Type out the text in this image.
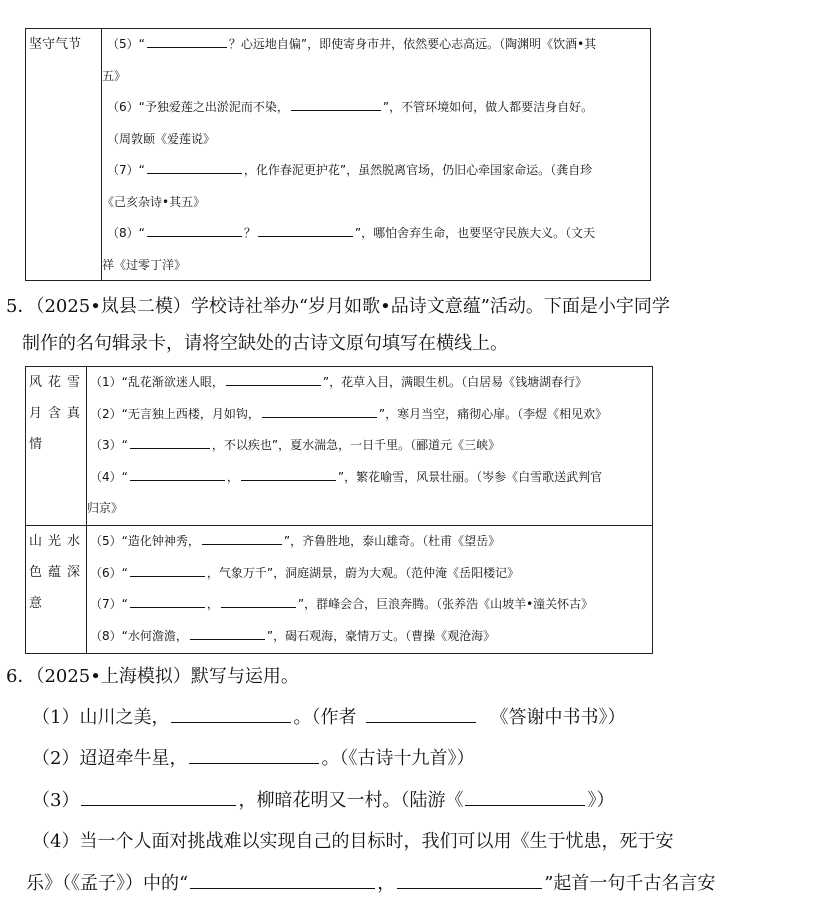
坚守气节	（5）“	？心远地自偏”，即使寄身市井，依然要心志高远。（陶渊明《饮酒•其
五》
（6）“予独爱莲之出淤泥而不染，	”，不管环境如何，做人都要洁身自好。
（周敦颐《爱莲说》
（7）“	，化作春泥更护花”，虽然脱离官场，仍旧心牵国家命运。（龚自珍
《己亥杂诗•其五》
（8）“	？	”，哪怕舍弃生命，也要坚守民族大义。（文天
祥《过零丁洋》
5．（2025•岚县二模）学校诗社举办“岁月如歌•品诗文意蕴”活动。下面是小宇同学
制作的名句辑录卡，请将空缺处的古诗文原句填写在横线上。
风花雪月含真情
（1）“乱花渐欲迷人眼，	”，花草入目，满眼生机。（白居易《钱塘湖春行》
（2）“无言独上西楼，月如钩，	”，寒月当空，痛彻心扉。（李煜《相见欢》
（3）“	，不以疾也”，夏水湍急，一日千里。（郦道元《三峡》
（4）“	，	”，繁花喻雪，风景壮丽。（岑参《白雪歌送武判官
归京》
山光水色蕴深意
（5）“造化钟神秀，	”，齐鲁胜地，泰山雄奇。（杜甫《望岳》
（6）“	，气象万千”，洞庭湖景，蔚为大观。（范仲淹《岳阳楼记》
（7）“	，	”，群峰会合，巨浪奔腾。（张养浩《山坡羊•潼关怀古》
（8）“水何澹澹，	”，碣石观海，豪情万丈。（曹操《观沧海》
6．（2025•上海模拟）默写与运用。
（1）山川之美，	。（作者	《答谢中书书》）
（2）迢迢牵牛星，	。（《古诗十九首》）
（3）	，柳暗花明又一村。（陆游《	》）
（4）当一个人面对挑战难以实现自己的目标时，我们可以用《生于忧患，死于安
乐》（《孟子》）中的“	，	”起首一句千古名言安
